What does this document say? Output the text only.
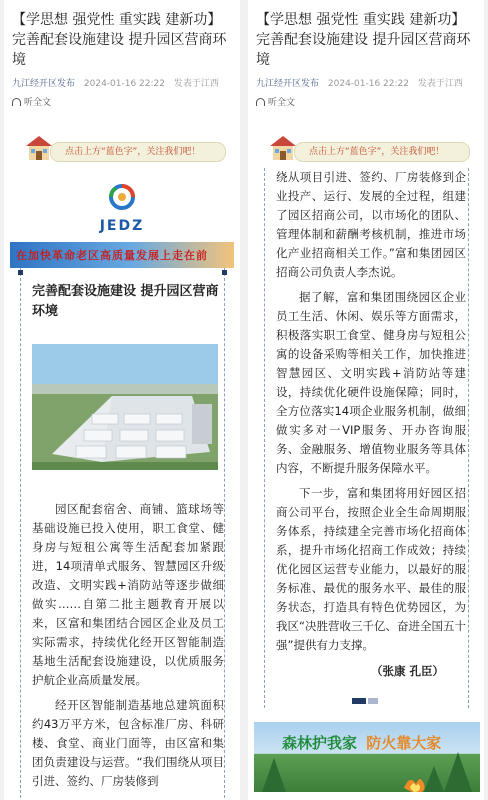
【学思想 强党性 重实践 建新功】完善配套设施建设 提升园区营商环境
九江经开区发布 2024-01-16 22:22 发表于江西
听全文
点击上方“蓝色字”，关注我们吧！
JEDZ
在加快革命老区高质量发展上走在前
完善配套设施建设 提升园区营商环境

园区配套宿舍、商铺、篮球场等基础设施已投入使用，职工食堂、健身房与短租公寓等生活配套加紧跟进，14项清单式服务、智慧园区升级改造、文明实践+消防站等逐步做细做实……自第二批主题教育开展以来，区富和集团结合园区企业及员工实际需求，持续优化经开区智能制造基地生活配套设施建设，以优质服务护航企业高质量发展。

经开区智能制造基地总建筑面积约43万平方米，包含标准厂房、科研楼、食堂、商业门面等，由区富和集团负责建设与运营。“我们围绕从项目引进、签约、厂房装修到

【学思想 强党性 重实践 建新功】完善配套设施建设 提升园区营商环境
九江经开区发布 2024-01-16 22:22 发表于江西
听全文
点击上方“蓝色字”，关注我们吧！

绕从项目引进、签约、厂房装修到企业投产、运行、发展的全过程，组建了园区招商公司，以市场化的团队、管理体制和薪酬考核机制，推进市场化产业招商相关工作。”富和集团园区招商公司负责人李杰说。

据了解，富和集团围绕园区企业员工生活、休闲、娱乐等方面需求，积极落实职工食堂、健身房与短租公寓的设备采购等相关工作，加快推进智慧园区、文明实践+消防站等建设，持续优化硬件设施保障；同时，全方位落实14项企业服务机制，做细做实多对一VIP服务、开办咨询服务、金融服务、增值物业服务等具体内容，不断提升服务保障水平。

下一步，富和集团将用好园区招商公司平台，按照企业全生命周期服务体系，持续建全完善市场化招商体系，提升市场化招商工作成效；持续优化园区运营专业能力，以最好的服务标准、最优的服务水平、最佳的服务状态，打造具有特色优势园区，为我区“决胜营收三千亿、奋进全国五十强”提供有力支撑。

（张康 孔臣）
森林护我家 防火靠大家
